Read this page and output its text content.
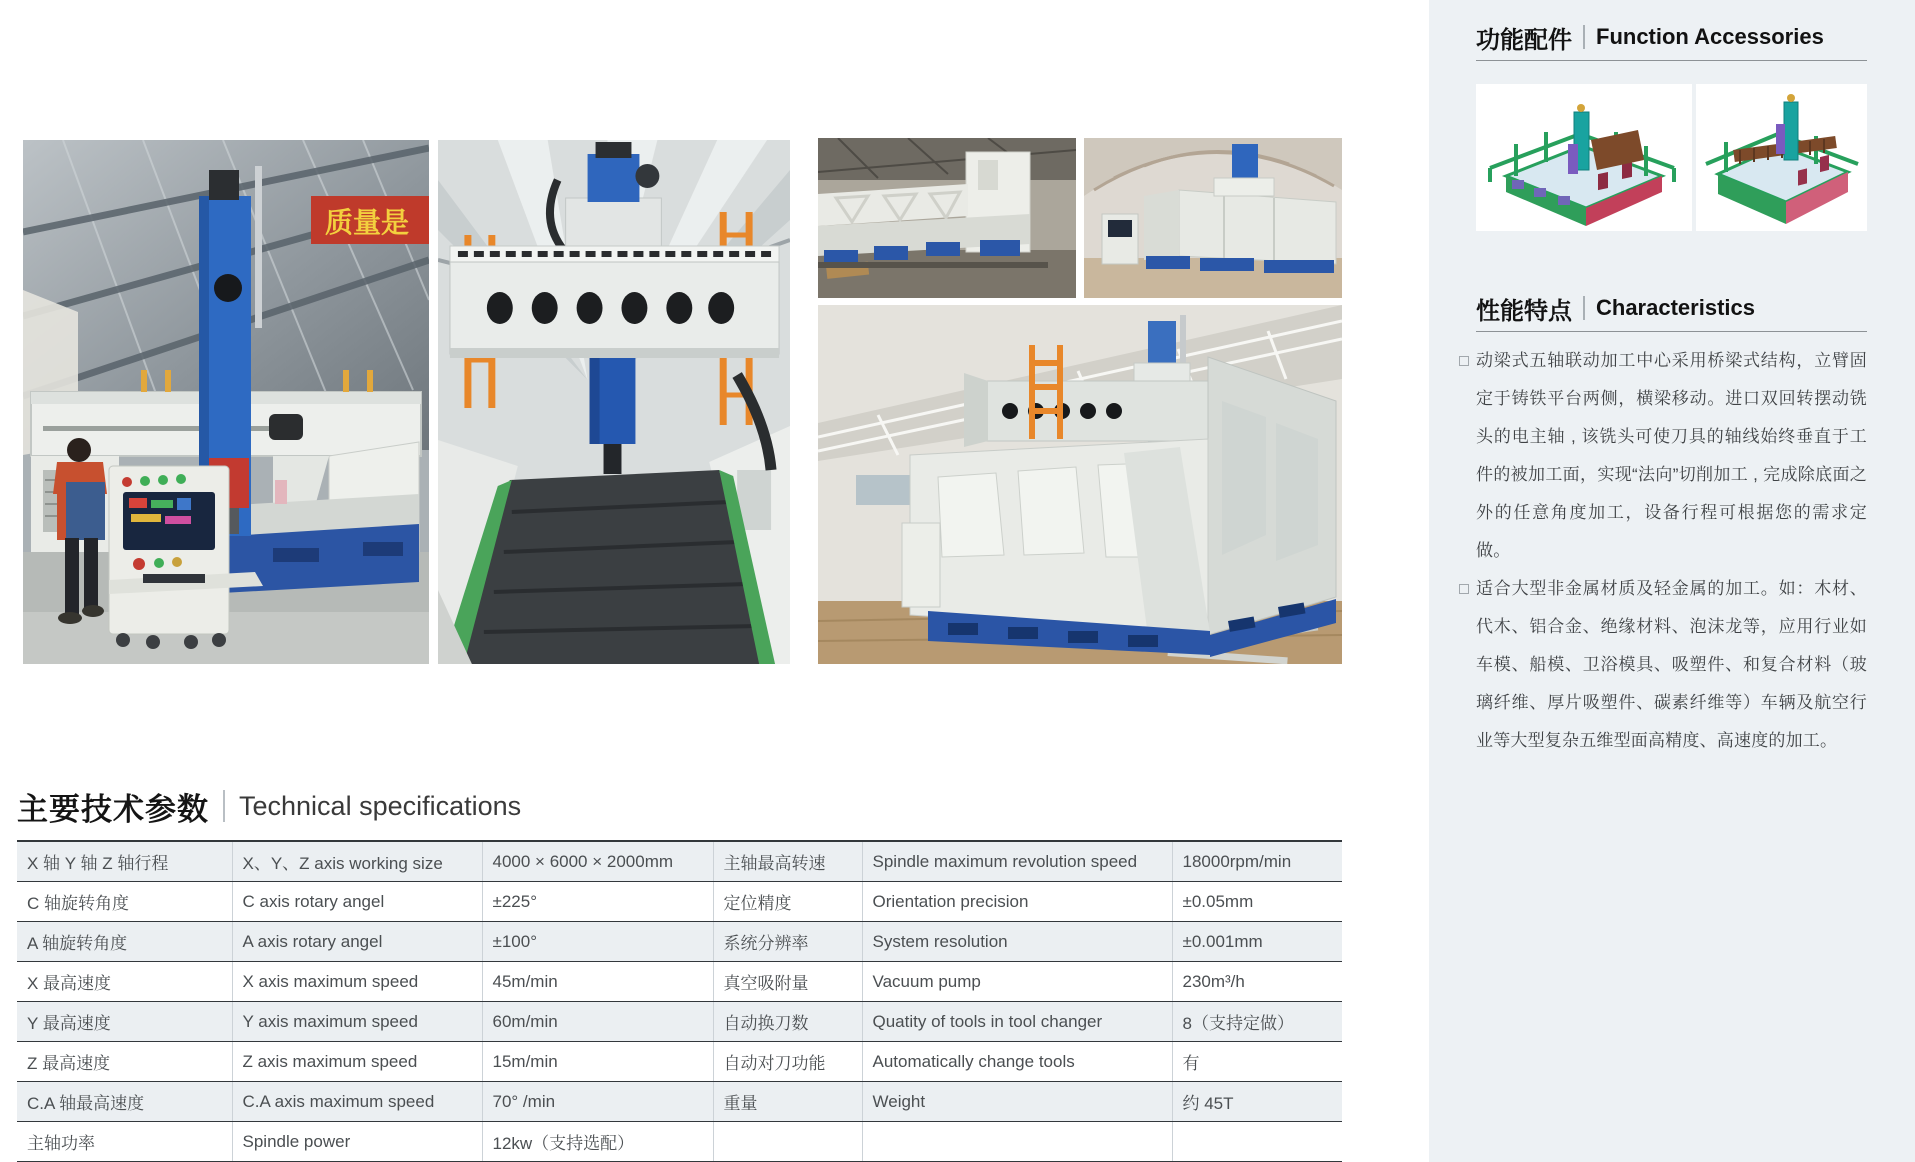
质量是
主要技术参数 Technical specifications
X 轴 Y 轴 Z 轴行程	X、Y、Z axis working size	4000 × 6000 × 2000mm	主轴最高转速	Spindle maximum revolution speed	18000rpm/min
C 轴旋转角度	C axis rotary angel	±225°	定位精度	Orientation precision	±0.05mm
A 轴旋转角度	A axis rotary angel	±100°	系统分辨率	System resolution	±0.001mm
X 最高速度	X axis maximum speed	45m/min	真空吸附量	Vacuum pump	230m³/h
Y 最高速度	Y axis maximum speed	60m/min	自动换刀数	Quatity of tools in tool changer	8（支持定做）
Z 最高速度	Z axis maximum speed	15m/min	自动对刀功能	Automatically change tools	有
C.A 轴最高速度	C.A axis maximum speed	70° /min	重量	Weight	约 45T
主轴功率	Spindle power	12kw（支持选配）			
功能配件 Function Accessories
性能特点 Characteristics
动梁式五轴联动加工中心采用桥梁式结构，立臂固定于铸铁平台两侧，横梁移动。进口双回转摆动铣头的电主轴 , 该铣头可使刀具的轴线始终垂直于工件的被加工面，实现“法向”切削加工 , 完成除底面之外的任意角度加工，设备行程可根据您的需求定做。
适合大型非金属材质及轻金属的加工。如：木材、代木、铝合金、绝缘材料、泡沫龙等，应用行业如车模、船模、卫浴模具、吸塑件、和复合材料（玻璃纤维、厚片吸塑件、碳素纤维等）车辆及航空行业等大型复杂五维型面高精度、高速度的加工。
